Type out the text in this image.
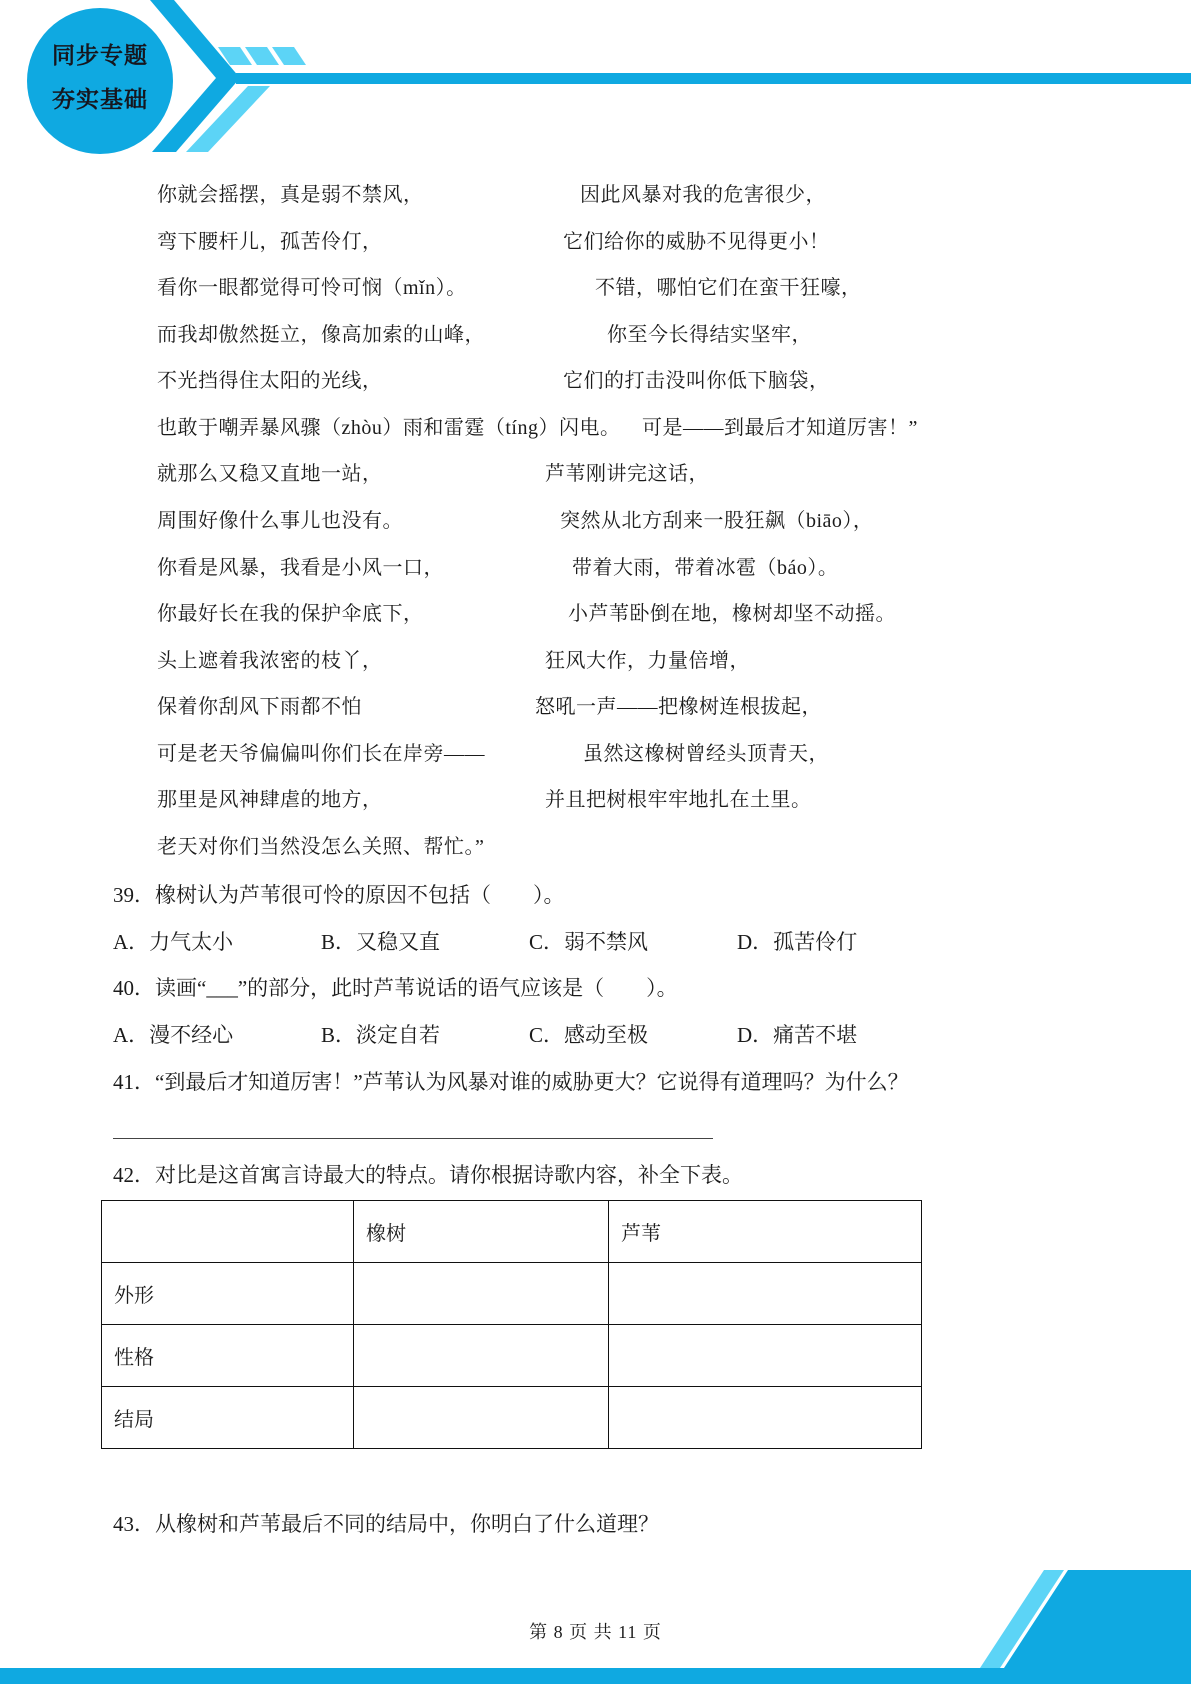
同步专题
夯实基础
你就会摇摆，真是弱不禁风，	因此风暴对我的危害很少，
弯下腰杆儿，孤苦伶仃，	它们给你的威胁不见得更小！
看你一眼都觉得可怜可悯（mǐn）。	不错，哪怕它们在蛮干狂嚎，
而我却傲然挺立，像高加索的山峰，	你至今长得结实坚牢，
不光挡得住太阳的光线，	它们的打击没叫你低下脑袋，
也敢于嘲弄暴风骤（zhòu）雨和雷霆（tíng）闪电。 可是——到最后才知道厉害！”
就那么又稳又直地一站，	芦苇刚讲完这话，
周围好像什么事儿也没有。	突然从北方刮来一股狂飙（biāo），
你看是风暴，我看是小风一口，	带着大雨，带着冰雹（báo）。
你最好长在我的保护伞底下，	小芦苇卧倒在地，橡树却坚不动摇。
头上遮着我浓密的枝丫，	狂风大作，力量倍增，
保着你刮风下雨都不怕	怒吼一声——把橡树连根拔起，
可是老天爷偏偏叫你们长在岸旁——	虽然这橡树曾经头顶青天，
那里是风神肆虐的地方，	并且把树根牢牢地扎在土里。
老天对你们当然没怎么关照、帮忙。”
39．橡树认为芦苇很可怜的原因不包括（　　）。
A．力气太小	B．又稳又直	C．弱不禁风	D．孤苦伶仃
40．读画“___”的部分，此时芦苇说话的语气应该是（　　）。
A．漫不经心	B．淡定自若	C．感动至极	D．痛苦不堪
41．“到最后才知道厉害！”芦苇认为风暴对谁的威胁更大？它说得有道理吗？为什么？
42．对比是这首寓言诗最大的特点。请你根据诗歌内容，补全下表。
	橡树	芦苇
外形		
性格		
结局		
43．从橡树和芦苇最后不同的结局中，你明白了什么道理？
第 8 页 共 11 页
